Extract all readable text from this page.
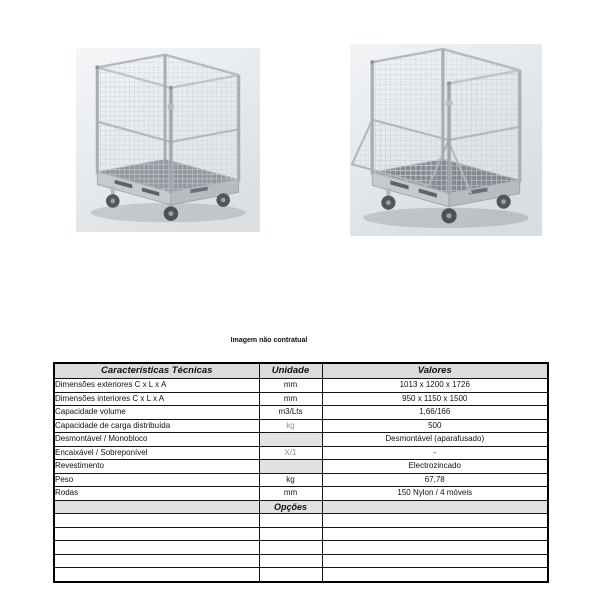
Imagem não contratual
Características Técnicas	Unidade	Valores
Dimensões exteriores C x L x A	mm	1013 x 1200 x 1726
Dimensões interiores C x L x A	mm	950 x 1150 x 1500
Capacidade volume	m3/Lts	1,66/166
Capacidade de carga distribuída	kg	500
Desmontável / Monobloco		Desmontável (aparafusado)
Encaixável / Sobreponível	X/1	-
Revestimento		Electrozincado
Peso	kg	67,78
Rodas	mm	150 Nylon / 4 móveis
	Opções	
